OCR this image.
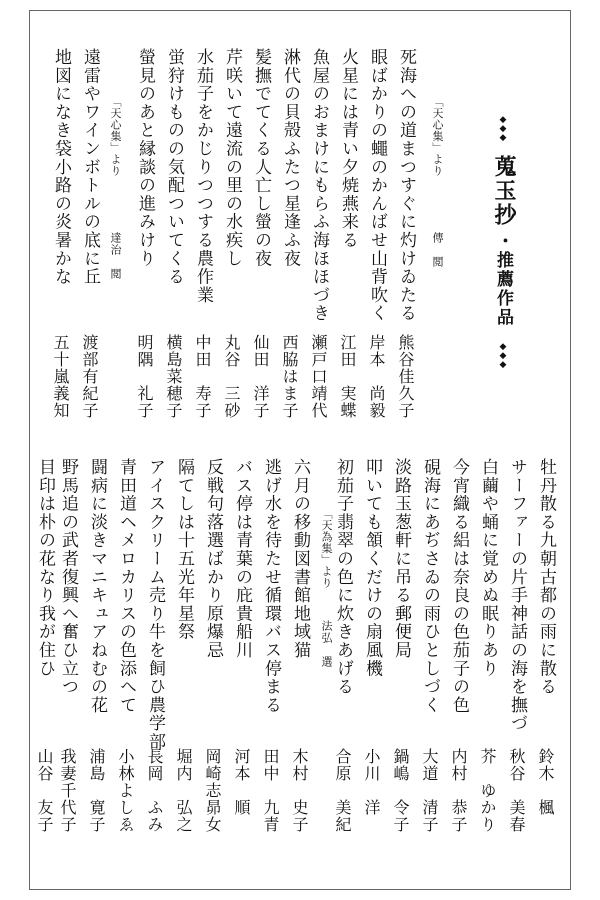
◆◆◆ 蒐玉抄 ・推薦作品 ◆◆◆
「天心集」より
傳　閲
死海への道まつすぐに灼けゐたる
熊谷佳久子
眼ばかりの蠅のかんばせ山背吹く
岸本　尚毅
火星には青い夕焼燕来る
江田　実蝶
魚屋のおまけにもらふ海ほほづき
瀬戸口靖代
淋代の貝殻ふたつ星逢ふ夜
西脇はま子
髪撫でてくる人亡し螢の夜
仙田　洋子
芹咲いて遠流の里の水疾し
丸谷　三砂
水茄子をかじりつつする農作業
中田　寿子
蛍狩けものの気配ついてくる
横島菜穂子
螢見のあと縁談の進みけり
明隅　礼子
「天心集」より
達治　閲
遠雷やワインボトルの底に丘
渡部有紀子
地図になき袋小路の炎暑かな
五十嵐義知
牡丹散る九朝古都の雨に散る
鈴木　楓
サーファーの片手神話の海を撫づ
秋谷　美春
白繭や蛹に覚めぬ眠りあり
芥　ゆかり
今宵織る絽は奈良の色茄子の色
内村　恭子
硯海にあぢさゐの雨ひとしづく
大道　清子
淡路玉葱軒に吊る郵便局
鍋嶋　令子
叩いても頷くだけの扇風機
小川　洋
初茄子翡翠の色に炊きあげる
合原　美紀
「天為集」より
法弘　選
六月の移動図書館地域猫
木村　史子
逃げ水を待たせ循環バス停まる
田中　九青
バス停は青葉の庇貴船川
河本　順
反戦句落選ばかり原爆忌
岡崎志昴女
隔てしは十五光年星祭
堀内　弘之
アイスクリーム売り牛を飼ひ農学部
長岡　ふみ
青田道ヘメロカリスの色添へて
小林よしゑ
闘病に淡きマニキュアねむの花
浦島　寛子
野馬追の武者復興へ奮ひ立つ
我妻千代子
目印は朴の花なり我が住ひ
山谷　友子
